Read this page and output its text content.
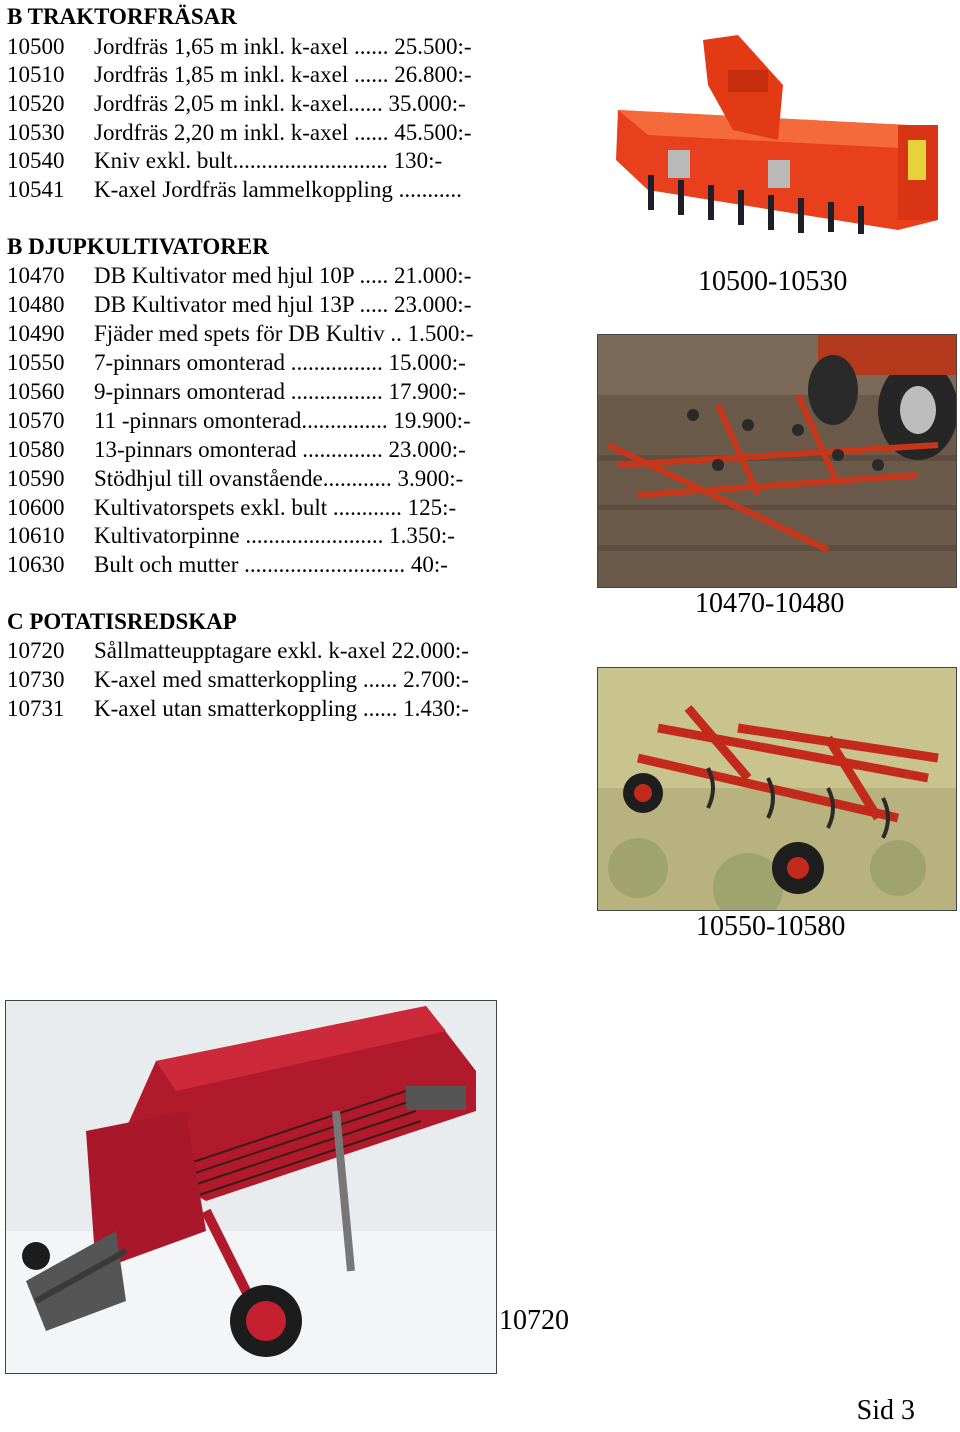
B TRAKTORFRÄSAR
10500 Jordfräs 1,65 m inkl. k-axel ...... 25.500:-
10510 Jordfräs 1,85 m inkl. k-axel ...... 26.800:-
10520 Jordfräs 2,05 m inkl. k-axel...... 35.000:-
10530 Jordfräs 2,20 m inkl. k-axel ...... 45.500:-
10540 Kniv exkl. bult........................... 130:-
10541 K-axel Jordfräs lammelkoppling ...........
B DJUPKULTIVATORER
10470 DB Kultivator med hjul 10P ..... 21.000:-
10480 DB Kultivator med hjul 13P ..... 23.000:-
10490 Fjäder med spets för DB Kultiv .. 1.500:-
10550 7-pinnars omonterad ................ 15.000:-
10560 9-pinnars omonterad ................ 17.900:-
10570 11 -pinnars omonterad............... 19.900:-
10580 13-pinnars omonterad .............. 23.000:-
10590 Stödhjul till ovanstående............ 3.900:-
10600 Kultivatorspets exkl. bult ............ 125:-
10610 Kultivatorpinne ........................ 1.350:-
10630 Bult och mutter ............................ 40:-
C POTATISREDSKAP
10720 Sållmatteupptagare exkl. k-axel 22.000:-
10730 K-axel med smatterkoppling ...... 2.700:-
10731 K-axel utan smatterkoppling ...... 1.430:-
10500-10530
10470-10480
10550-10580
10720
Sid 3
